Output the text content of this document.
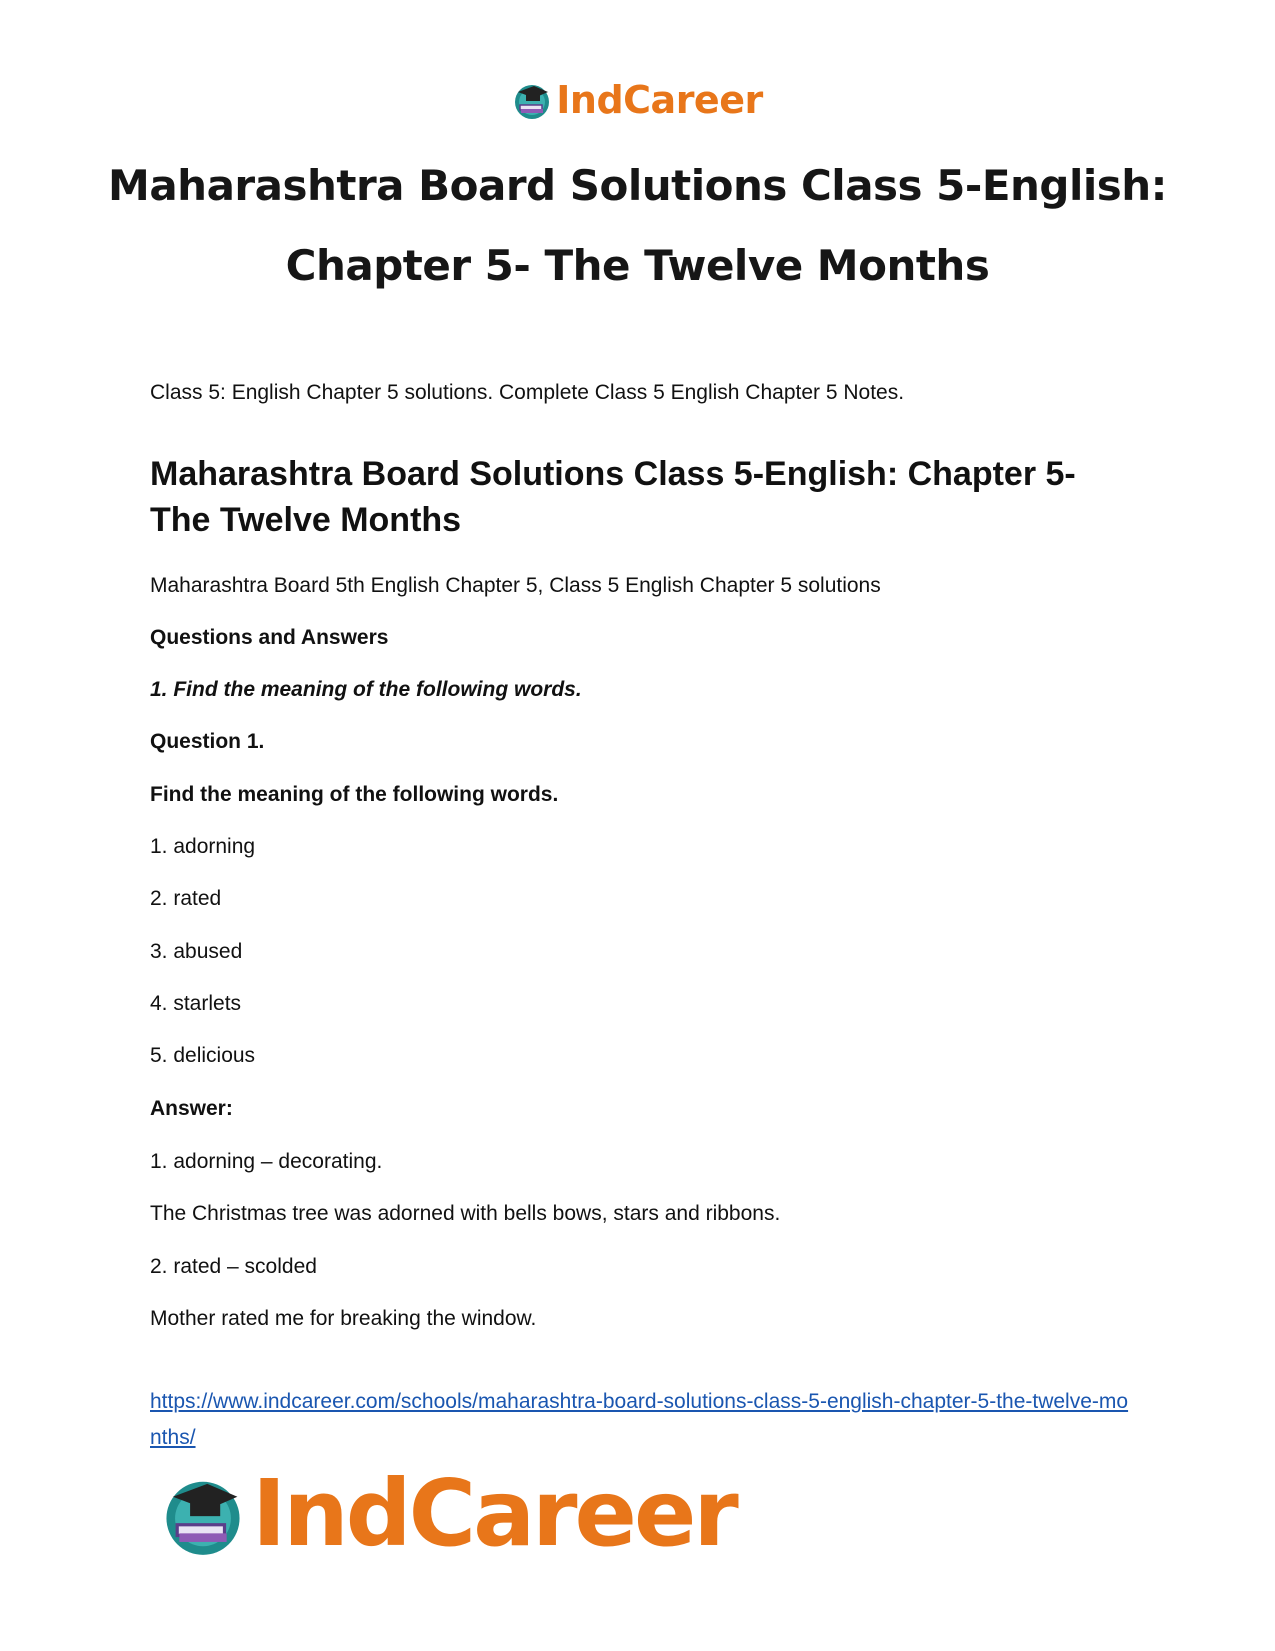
IndCareer
Maharashtra Board Solutions Class 5-English:
Chapter 5- The Twelve Months

Class 5: English Chapter 5 solutions. Complete Class 5 English Chapter 5 Notes.

Maharashtra Board Solutions Class 5-English: Chapter 5-
The Twelve Months

Maharashtra Board 5th English Chapter 5, Class 5 English Chapter 5 solutions

Questions and Answers

1. Find the meaning of the following words.

Question 1.

Find the meaning of the following words.

1. adorning

2. rated

3. abused

4. starlets

5. delicious

Answer:

1. adorning – decorating.

The Christmas tree was adorned with bells bows, stars and ribbons.

2. rated – scolded

Mother rated me for breaking the window.

https://www.indcareer.com/schools/maharashtra-board-solutions-class-5-english-chapter-5-the-twelve-months/
IndCareer
